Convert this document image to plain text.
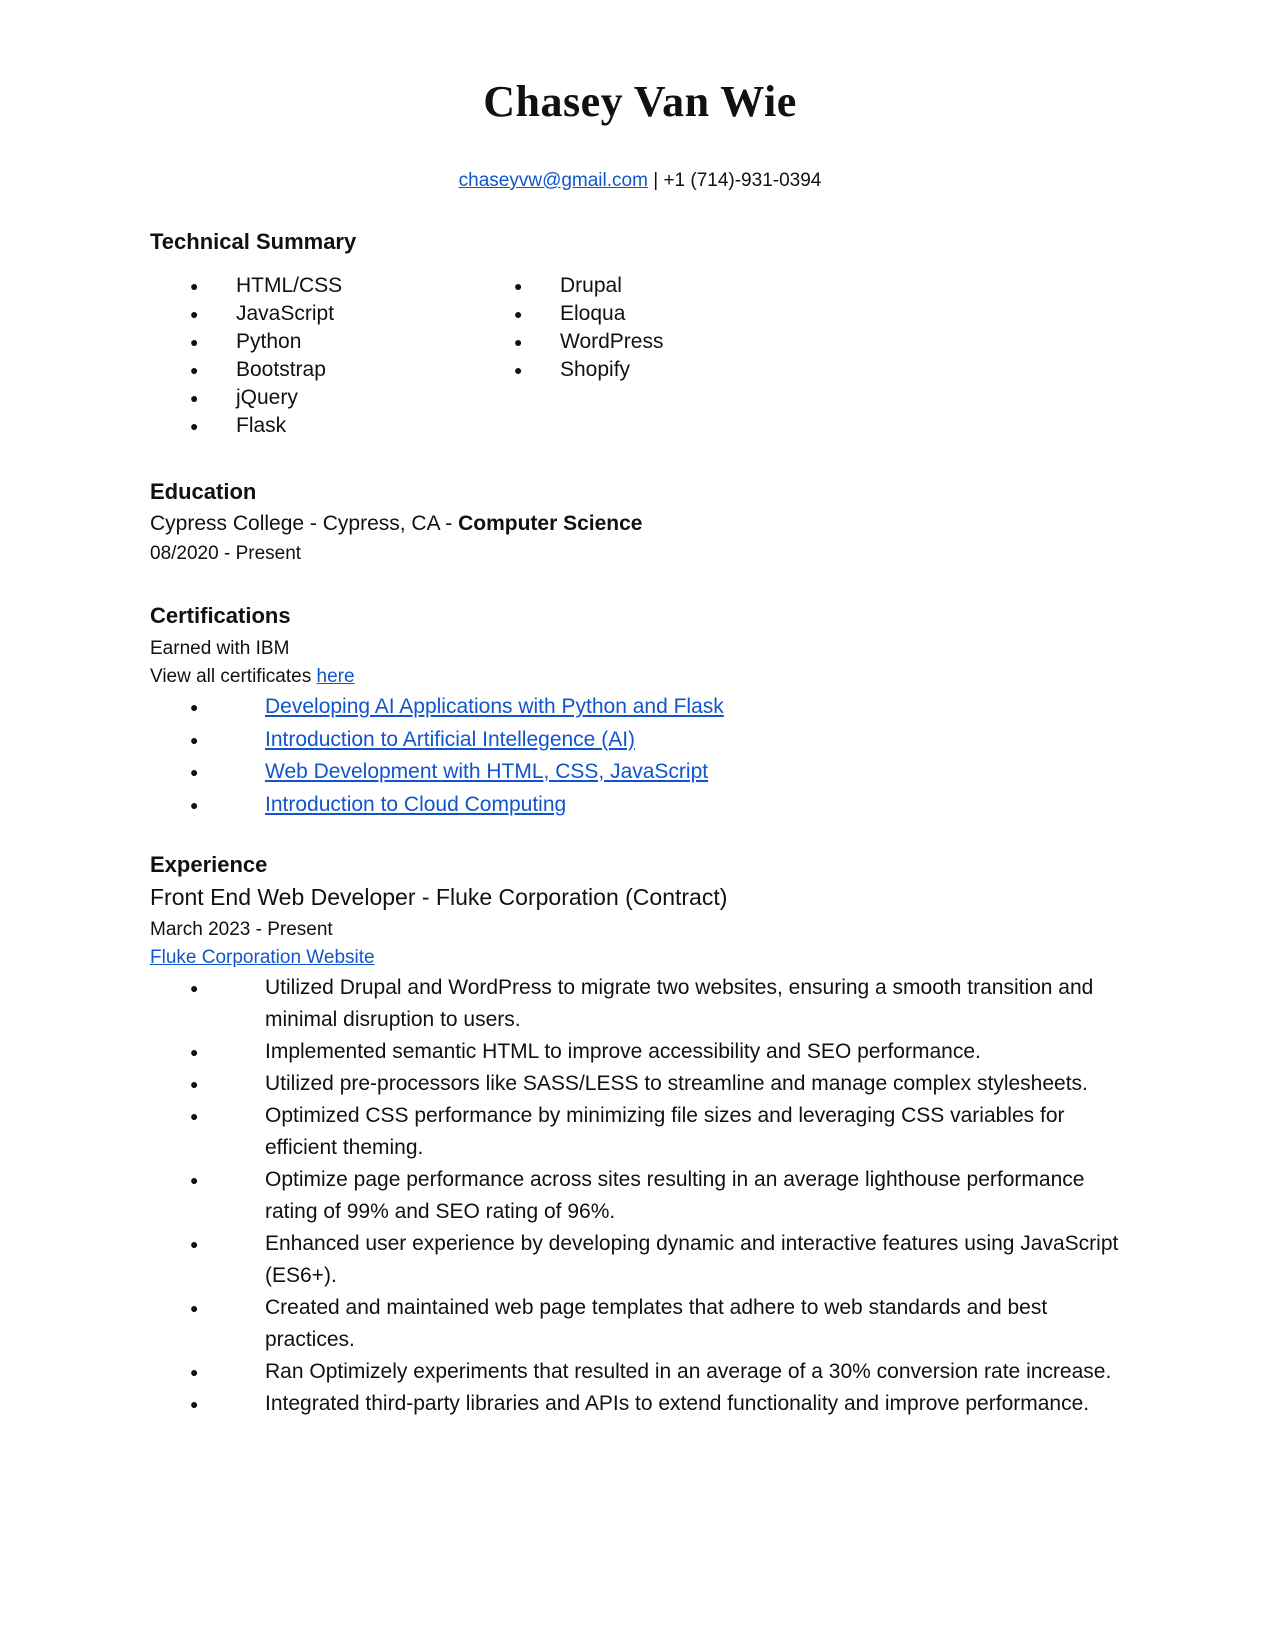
Chasey Van Wie
chaseyvw@gmail.com | +1 (714)-931-0394
Technical Summary
● HTML/CSS
● JavaScript
● Python
● Bootstrap
● jQuery
● Flask
● Drupal
● Eloqua
● WordPress
● Shopify
Education
Cypress College - Cypress, CA - Computer Science
08/2020 - Present
Certifications
Earned with IBM
View all certificates here
● Developing AI Applications with Python and Flask
● Introduction to Artificial Intellegence (AI)
● Web Development with HTML, CSS, JavaScript
● Introduction to Cloud Computing
Experience
Front End Web Developer - Fluke Corporation (Contract)
March 2023 - Present
Fluke Corporation Website
● Utilized Drupal and WordPress to migrate two websites, ensuring a smooth transition and minimal disruption to users.
● Implemented semantic HTML to improve accessibility and SEO performance.
● Utilized pre-processors like SASS/LESS to streamline and manage complex stylesheets.
● Optimized CSS performance by minimizing file sizes and leveraging CSS variables for efficient theming.
● Optimize page performance across sites resulting in an average lighthouse performance rating of 99% and SEO rating of 96%.
● Enhanced user experience by developing dynamic and interactive features using JavaScript (ES6+).
● Created and maintained web page templates that adhere to web standards and best practices.
● Ran Optimizely experiments that resulted in an average of a 30% conversion rate increase.
● Integrated third-party libraries and APIs to extend functionality and improve performance.
